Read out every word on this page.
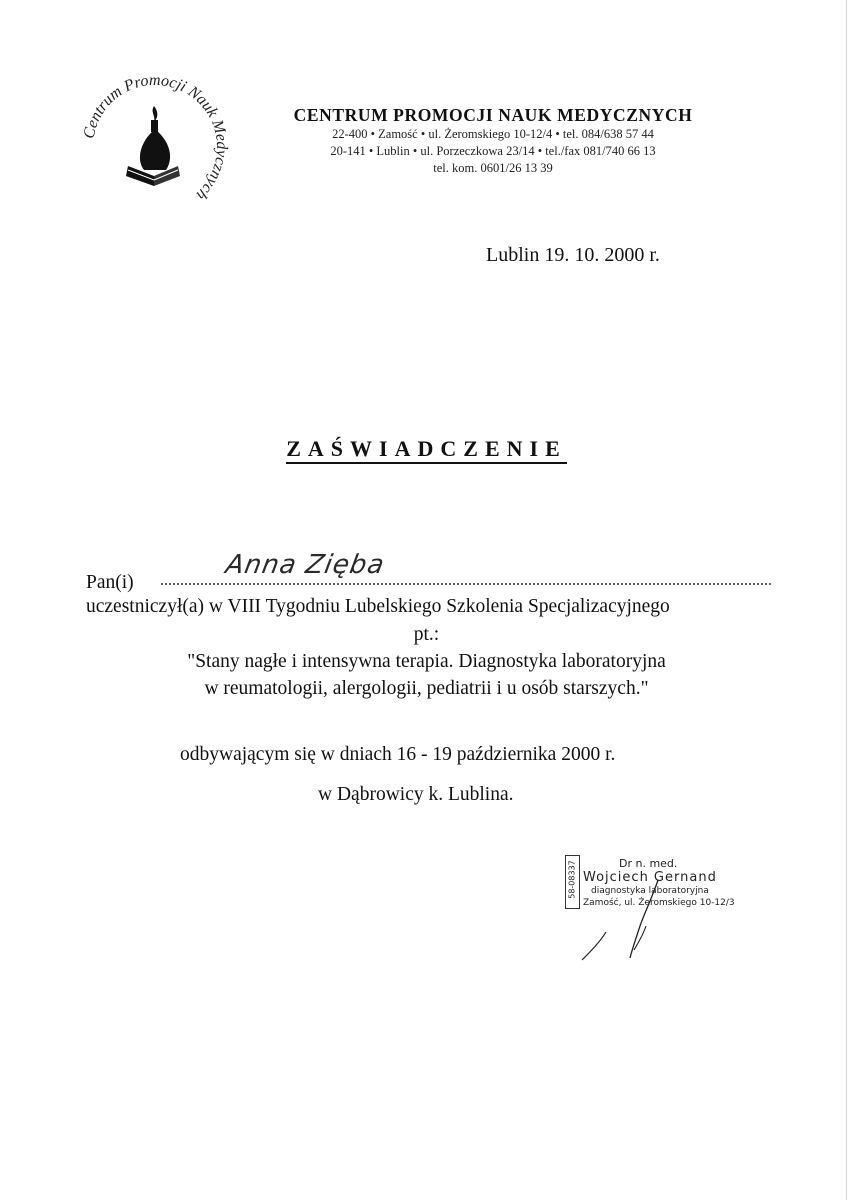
Centrum Promocji Nauk Medycznych
CENTRUM PROMOCJI NAUK MEDYCZNYCH
22-400 • Zamość • ul. Żeromskiego 10-12/4 • tel. 084/638 57 44
20-141 • Lublin • ul. Porzeczkowa 23/14 • tel./fax 081/740 66 13
tel. kom. 0601/26 13 39
Lublin 19. 10. 2000 r.
ZAŚWIADCZENIE
Pan(i)
Anna Zięba
uczestniczył(a) w VIII Tygodniu Lubelskiego Szkolenia Specjalizacyjnego
pt.:
"Stany nagłe i intensywna terapia. Diagnostyka laboratoryjna
w reumatologii, alergologii, pediatrii i u osób starszych."
odbywającym się w dniach 16 - 19 października 2000 r.
w Dąbrowicy k. Lublina.
58-08337	Dr n. med.
Wojciech Gernand
diagnostyka laboratoryjna
Zamość, ul. Żeromskiego 10-12/3
